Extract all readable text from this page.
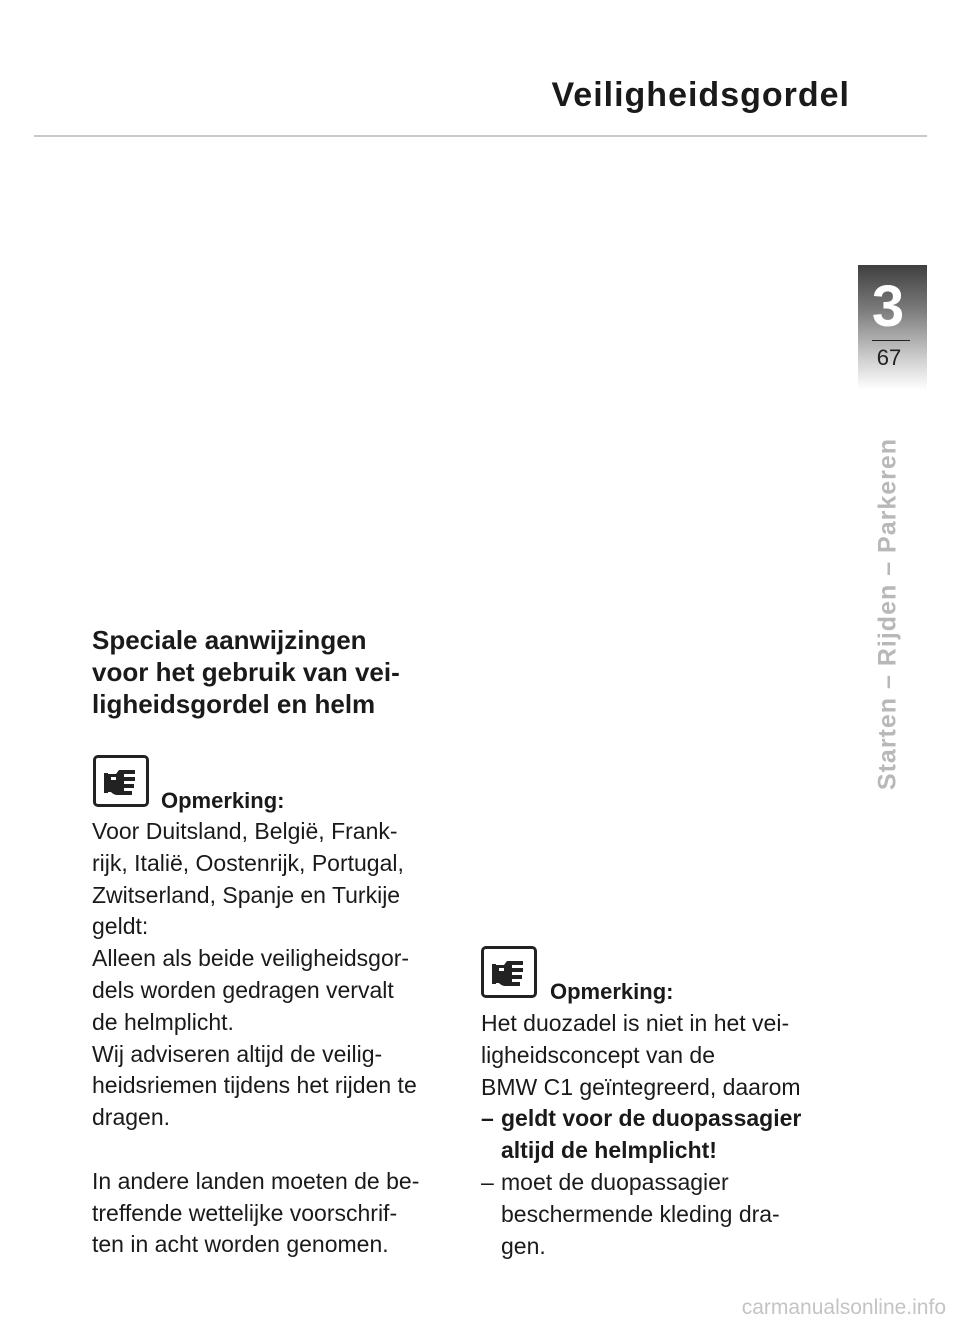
Veiligheidsgordel
3
67
Starten – Rijden – Parkeren
Speciale aanwijzingen
voor het gebruik van vei-
ligheidsgordel en helm
Opmerking:

Voor Duitsland, België, Frank-

rijk, Italië, Oostenrijk, Portugal,

Zwitserland, Spanje en Turkije

geldt:

Alleen als beide veiligheidsgor-

dels worden gedragen vervalt

de helmplicht.

Wij adviseren altijd de veilig-

heidsriemen tijdens het rijden te

dragen.

In andere landen moeten de be-

treffende wettelijke voorschrif-

ten in acht worden genomen.

Opmerking:

Het duozadel is niet in het vei-

ligheidsconcept van de

BMW C1 geïntegreerd, daarom

– geldt voor de duopassagier

altijd de helmplicht!

– moet de duopassagier

beschermende kleding dra-

gen.

carmanualsonline.info
